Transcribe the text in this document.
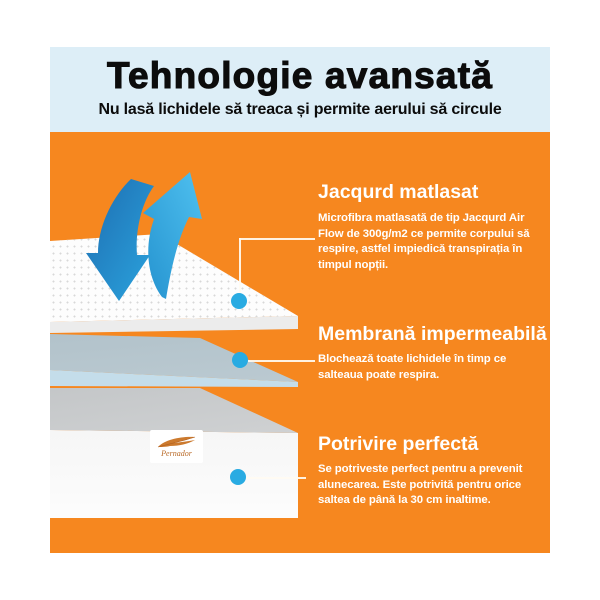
Tehnologie avansată
Nu lasă lichidele să treaca și permite aerului să circule
Pernador
Jacqurd matlasat

Microfibra matlasată de tip Jacqurd Air Flow de 300g/m2 ce permite corpului să respire, astfel impiedică transpirația în timpul nopții.

Membrană impermeabilă

Blochează toate lichidele în timp ce salteaua poate respira.

Potrivire perfectă

Se potriveste perfect pentru a prevenit alunecarea. Este potrivită pentru orice saltea de până la 30 cm inaltime.
